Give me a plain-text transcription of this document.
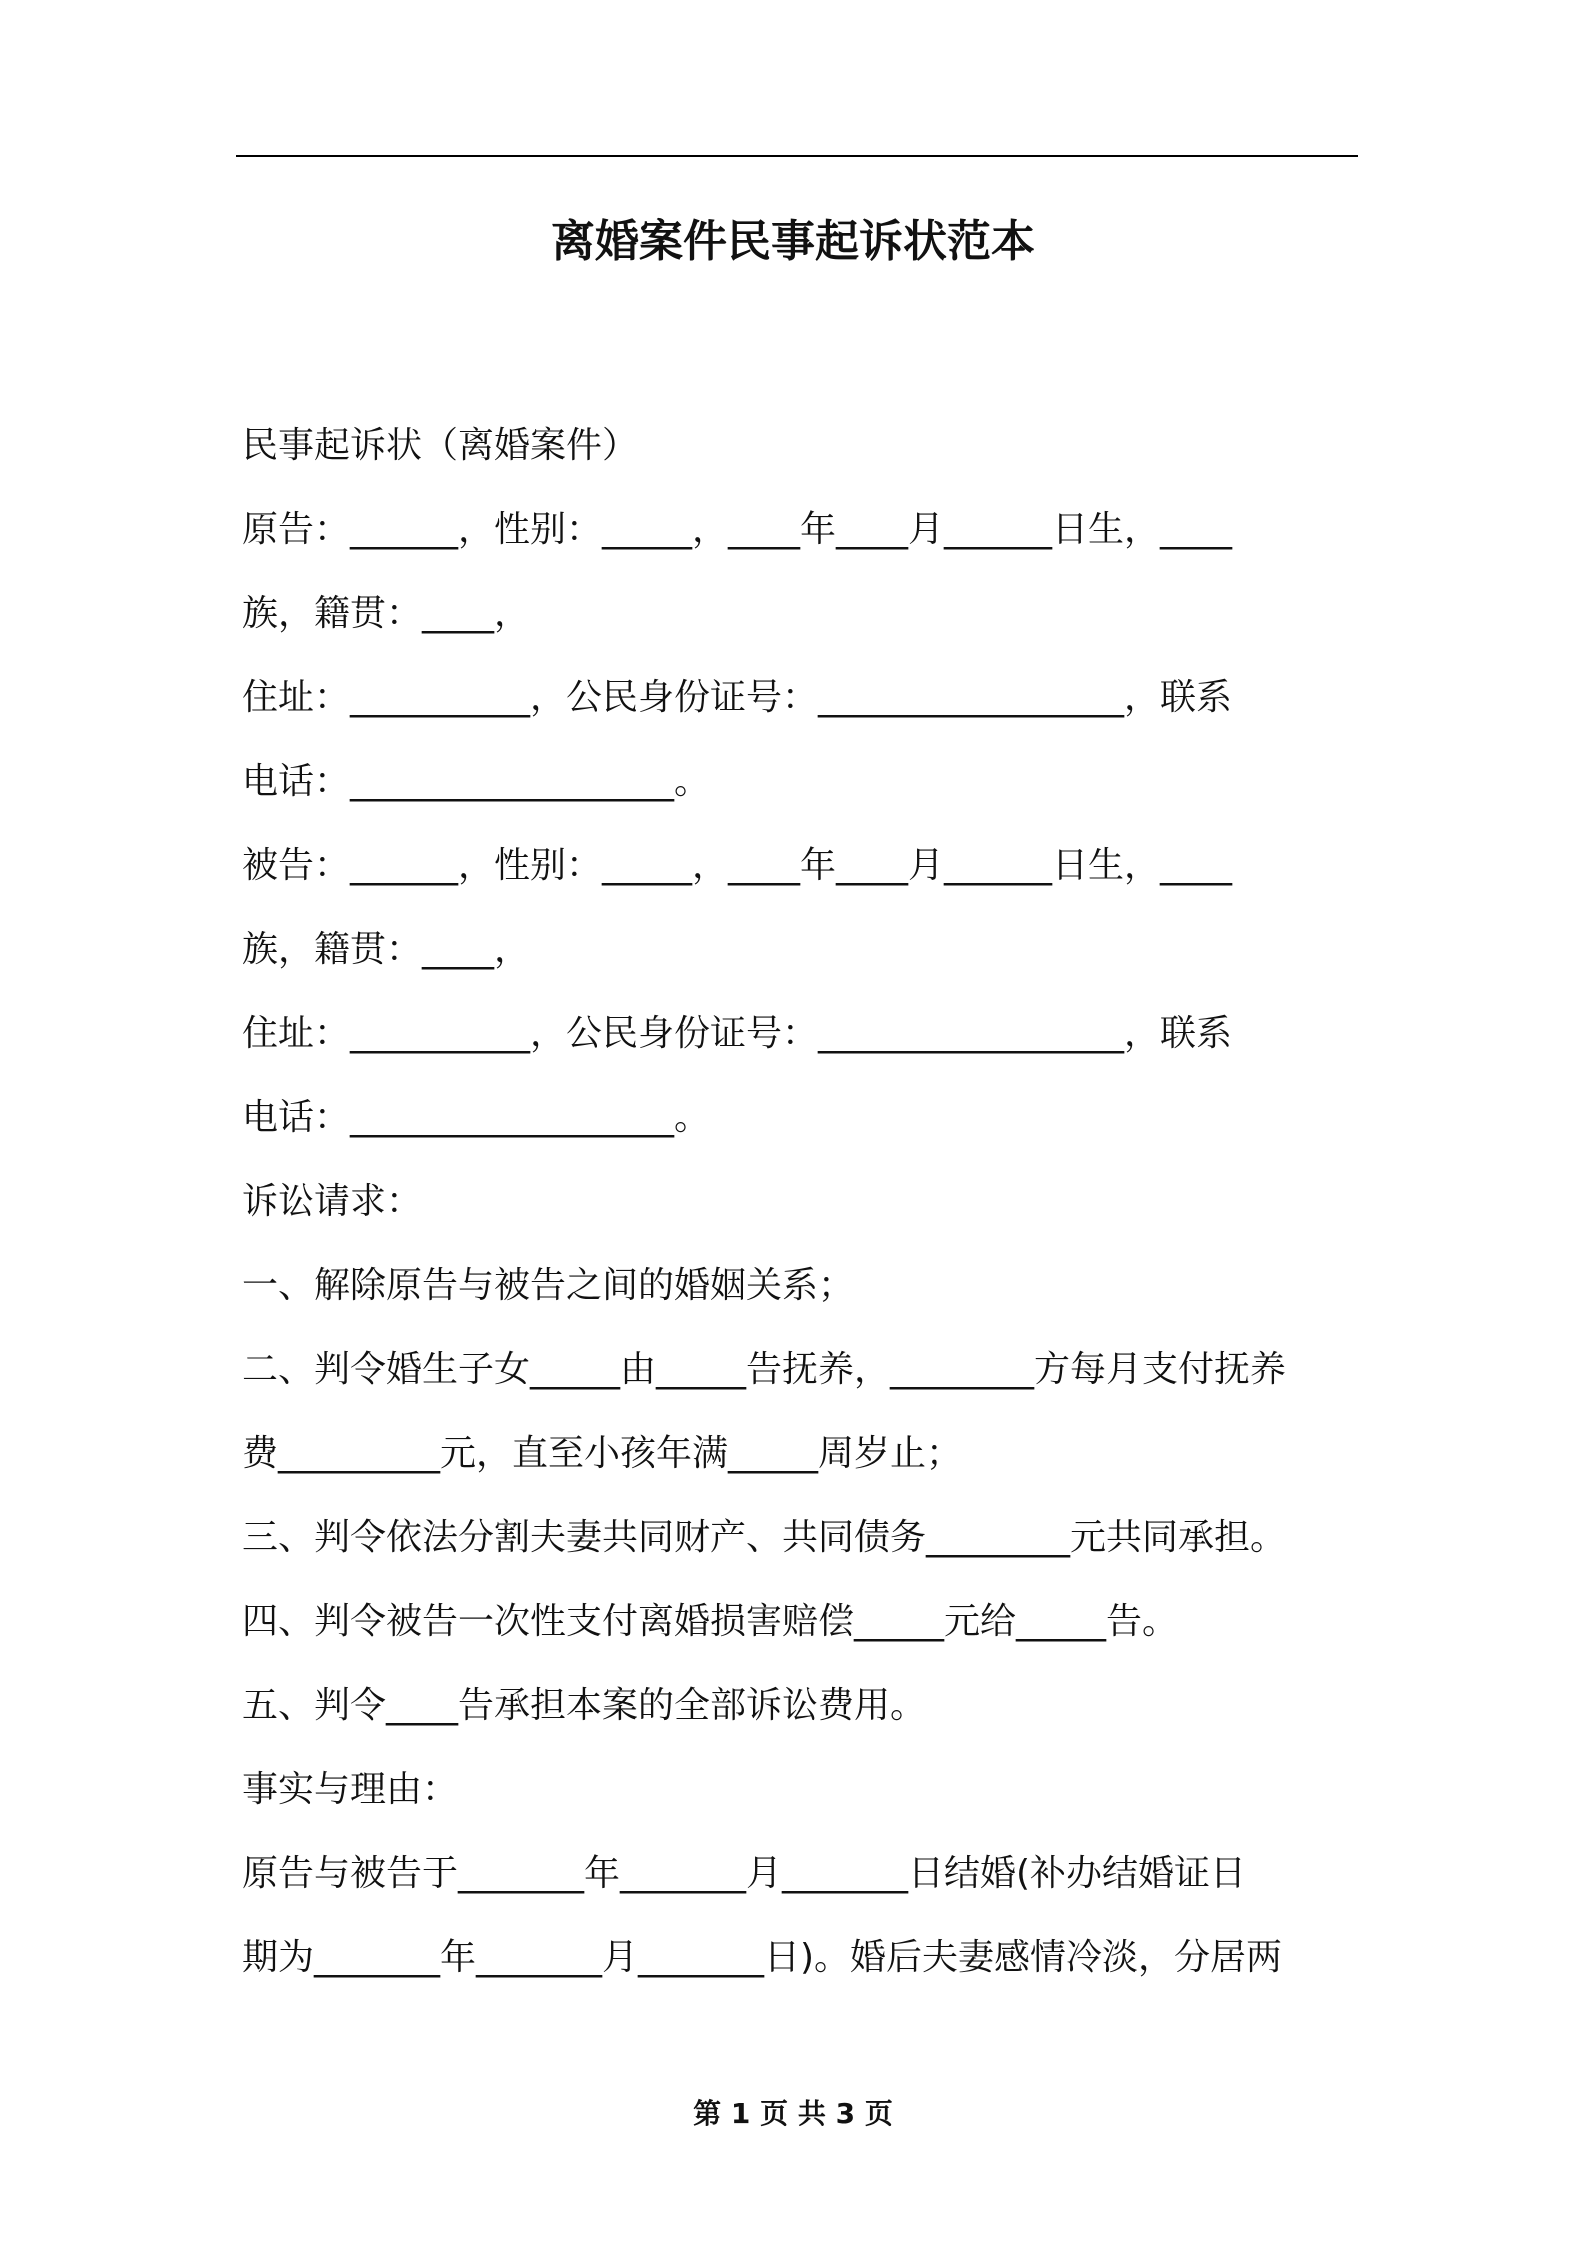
离婚案件民事起诉状范本
民事起诉状（离婚案件）
原告：______，性别：_____，____年____月______日生，____
族，籍贯：____，
住址：__________，公民身份证号：_________________，联系
电话：__________________。
被告：______，性别：_____，____年____月______日生，____
族，籍贯：____，
住址：__________，公民身份证号：_________________，联系
电话：__________________。
诉讼请求：
一、解除原告与被告之间的婚姻关系；
二、判令婚生子女_____由_____告抚养，________方每月支付抚养
费_________元，直至小孩年满_____周岁止；
三、判令依法分割夫妻共同财产、共同债务________元共同承担。
四、判令被告一次性支付离婚损害赔偿_____元给_____告。
五、判令____告承担本案的全部诉讼费用。
事实与理由：
原告与被告于_______年_______月_______日结婚(补办结婚证日
期为_______年_______月_______日)。婚后夫妻感情冷淡，分居两
第 1 页 共 3 页
